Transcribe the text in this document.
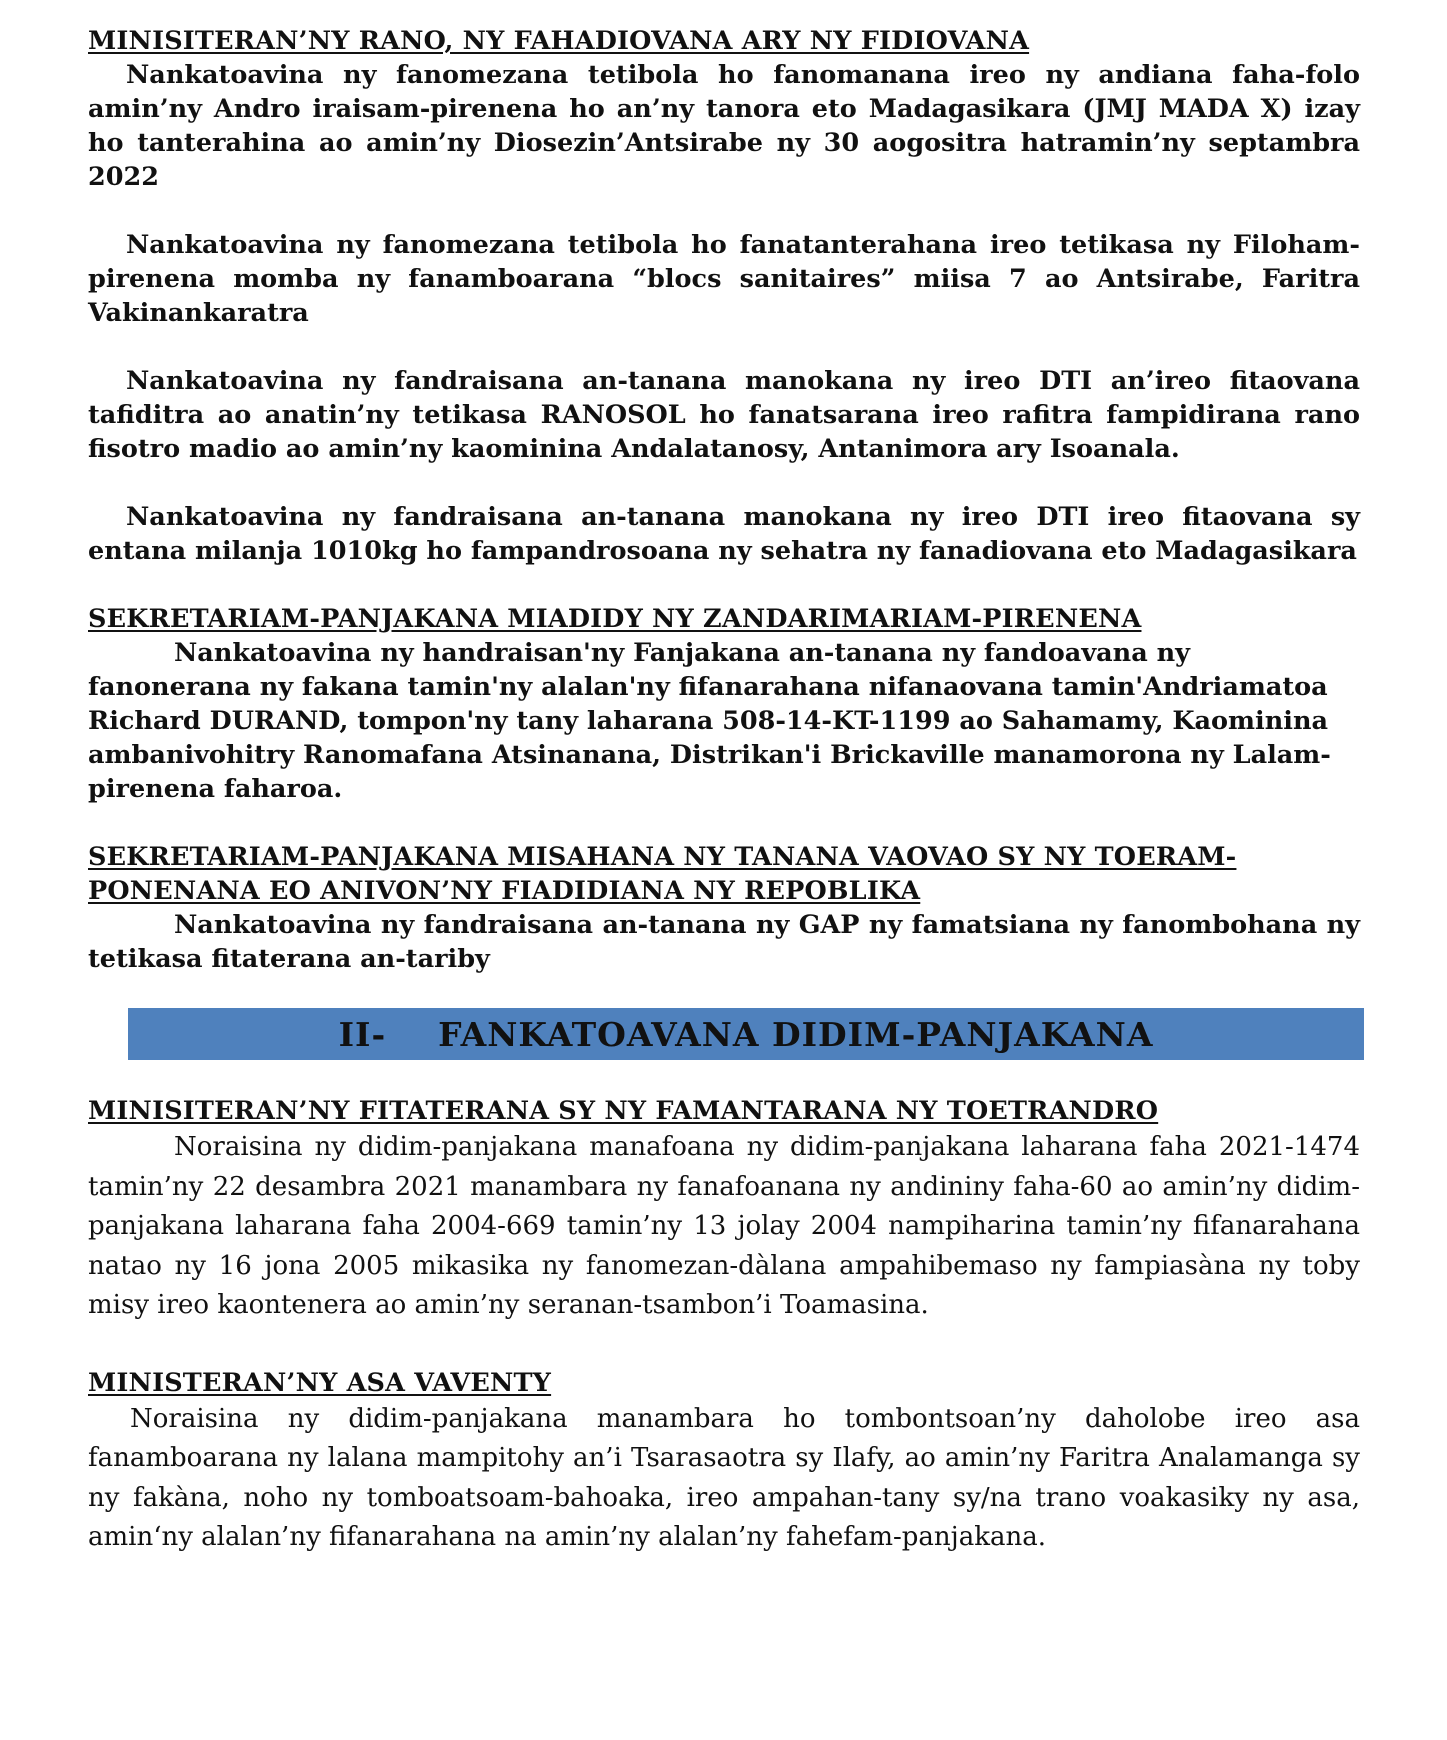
MINISITERAN’NY RANO, NY FAHADIOVANA ARY NY FIDIOVANA

Nankatoavina ny fanomezana tetibola ho fanomanana ireo ny andiana faha-folo amin’ny Andro iraisam-pirenena ho an’ny tanora eto Madagasikara (JMJ MADA X) izay ho tanterahina ao amin’ny Diosezin’Antsirabe ny 30 aogositra hatramin’ny septambra 2022

Nankatoavina ny fanomezana tetibola ho fanatanterahana ireo tetikasa ny Filoham-pirenena momba ny fanamboarana “blocs sanitaires” miisa 7 ao Antsirabe, Faritra Vakinankaratra

Nankatoavina ny fandraisana an-tanana manokana ny ireo DTI an’ireo fitaovana tafiditra ao anatin’ny tetikasa RANOSOL ho fanatsarana ireo rafitra fampidirana rano fisotro madio ao amin’ny kaominina Andalatanosy, Antanimora ary Isoanala.

Nankatoavina ny fandraisana an-tanana manokana ny ireo DTI ireo fitaovana sy entana milanja 1010kg ho fampandrosoana ny sehatra ny fanadiovana eto Madagasikara

SEKRETARIAM-PANJAKANA MIADIDY NY ZANDARIMARIAM-PIRENENA

Nankatoavina ny handraisan'ny Fanjakana an-tanana ny fandoavana ny fanonerana ny fakana tamin'ny alalan'ny fifanarahana nifanaovana tamin'Andriamatoa Richard DURAND, tompon'ny tany laharana 508-14-KT-1199 ao Sahamamy, Kaominina ambanivohitry Ranomafana Atsinanana, Distrikan'i Brickaville manamorona ny Lalam-pirenena faharoa.

SEKRETARIAM-PANJAKANA MISAHANA NY TANANA VAOVAO SY NY TOERAM-PONENANA EO ANIVON’NY FIADIDIANA NY REPOBLIKA

Nankatoavina ny fandraisana an-tanana ny GAP ny famatsiana ny fanombohana ny tetikasa fitaterana an-tariby

II- FANKATOAVANA DIDIM-PANJAKANA

MINISITERAN’NY FITATERANA SY NY FAMANTARANA NY TOETRANDRO

Noraisina ny didim-panjakana manafoana ny didim-panjakana laharana faha 2021-1474 tamin’ny 22 desambra 2021 manambara ny fanafoanana ny andininy faha-60 ao amin’ny didim-panjakana laharana faha 2004-669 tamin’ny 13 jolay 2004 nampiharina tamin’ny fifanarahana natao ny 16 jona 2005 mikasika ny fanomezan-dàlana ampahibemaso ny fampiasàna ny toby misy ireo kaontenera ao amin’ny seranan-tsambon’i Toamasina.

MINISTERAN’NY ASA VAVENTY

Noraisina ny didim-panjakana manambara ho tombontsoan’ny daholobe ireo asa fanamboarana ny lalana mampitohy an’i Tsarasaotra sy Ilafy, ao amin’ny Faritra Analamanga sy ny fakàna, noho ny tomboatsoam-bahoaka, ireo ampahan-tany sy/na trano voakasiky ny asa, amin‘ny alalan’ny fifanarahana na amin’ny alalan’ny fahefam-panjakana.
